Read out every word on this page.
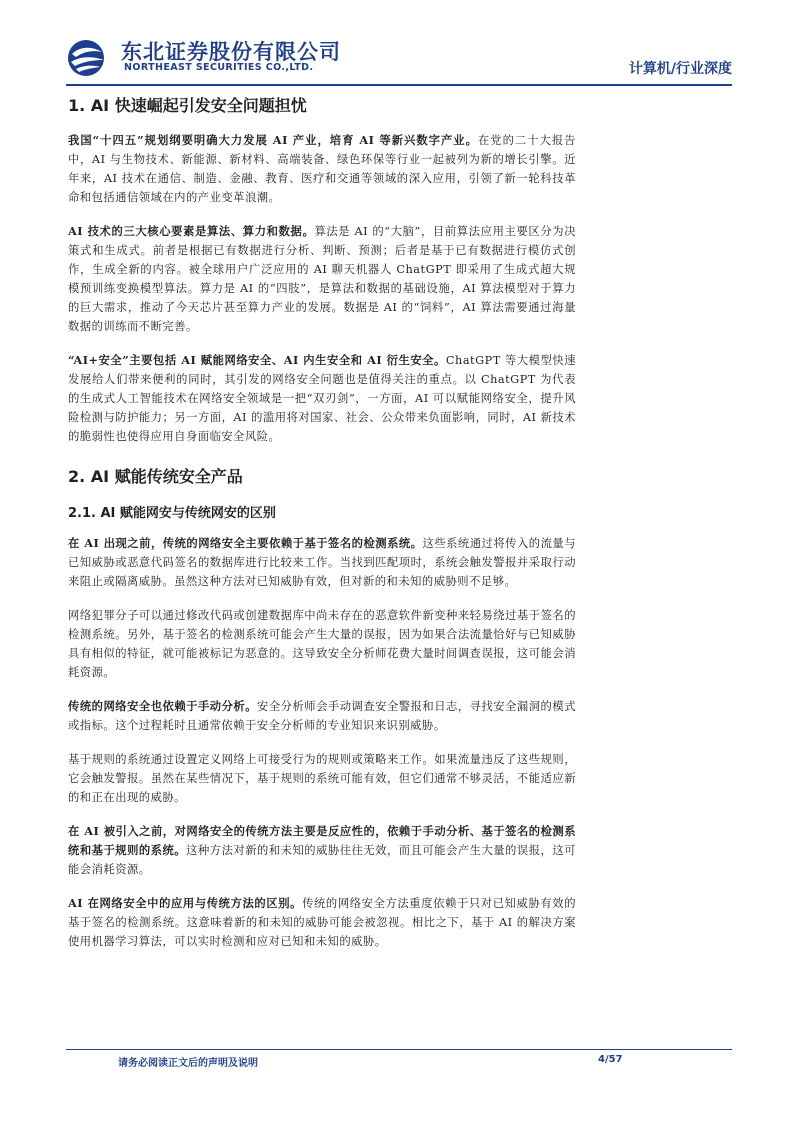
东北证券股份有限公司
NORTHEAST SECURITIES CO.,LTD.	计算机/行业深度
1. AI 快速崛起引发安全问题担忧

我国“十四五”规划纲要明确大力发展 AI 产业，培育 AI 等新兴数字产业。在党的二十大报告中，AI 与生物技术、新能源、新材料、高端装备、绿色环保等行业一起被列为新的增长引擎。近年来，AI 技术在通信、制造、金融、教育、医疗和交通等领域的深入应用，引领了新一轮科技革命和包括通信领域在内的产业变革浪潮。

AI 技术的三大核心要素是算法、算力和数据。算法是 AI 的“大脑”，目前算法应用主要区分为决策式和生成式。前者是根据已有数据进行分析、判断、预测；后者是基于已有数据进行模仿式创作，生成全新的内容。被全球用户广泛应用的 AI 聊天机器人 ChatGPT 即采用了生成式超大规模预训练变换模型算法。算力是 AI 的“四肢”，是算法和数据的基础设施，AI 算法模型对于算力的巨大需求，推动了今天芯片甚至算力产业的发展。数据是 AI 的“饲料”，AI 算法需要通过海量数据的训练而不断完善。

“AI+安全”主要包括 AI 赋能网络安全、AI 内生安全和 AI 衍生安全。ChatGPT 等大模型快速发展给人们带来便利的同时，其引发的网络安全问题也是值得关注的重点。以 ChatGPT 为代表的生成式人工智能技术在网络安全领域是一把“双刃剑”，一方面，AI 可以赋能网络安全，提升风险检测与防护能力；另一方面，AI 的滥用将对国家、社会、公众带来负面影响，同时，AI 新技术的脆弱性也使得应用自身面临安全风险。

2. AI 赋能传统安全产品
2.1. AI 赋能网安与传统网安的区别

在 AI 出现之前，传统的网络安全主要依赖于基于签名的检测系统。这些系统通过将传入的流量与已知威胁或恶意代码签名的数据库进行比较来工作。当找到匹配项时，系统会触发警报并采取行动来阻止或隔离威胁。虽然这种方法对已知威胁有效，但对新的和未知的威胁则不足够。

网络犯罪分子可以通过修改代码或创建数据库中尚未存在的恶意软件新变种来轻易绕过基于签名的检测系统。另外，基于签名的检测系统可能会产生大量的误报，因为如果合法流量恰好与已知威胁具有相似的特征，就可能被标记为恶意的。这导致安全分析师花费大量时间调查误报，这可能会消耗资源。

传统的网络安全也依赖于手动分析。安全分析师会手动调查安全警报和日志，寻找安全漏洞的模式或指标。这个过程耗时且通常依赖于安全分析师的专业知识来识别威胁。

基于规则的系统通过设置定义网络上可接受行为的规则或策略来工作。如果流量违反了这些规则，它会触发警报。虽然在某些情况下，基于规则的系统可能有效，但它们通常不够灵活，不能适应新的和正在出现的威胁。

在 AI 被引入之前，对网络安全的传统方法主要是反应性的，依赖于手动分析、基于签名的检测系统和基于规则的系统。这种方法对新的和未知的威胁往往无效，而且可能会产生大量的误报，这可能会消耗资源。

AI 在网络安全中的应用与传统方法的区别。传统的网络安全方法重度依赖于只对已知威胁有效的基于签名的检测系统。这意味着新的和未知的威胁可能会被忽视。相比之下，基于 AI 的解决方案使用机器学习算法，可以实时检测和应对已知和未知的威胁。

请务必阅读正文后的声明及说明	4/57
